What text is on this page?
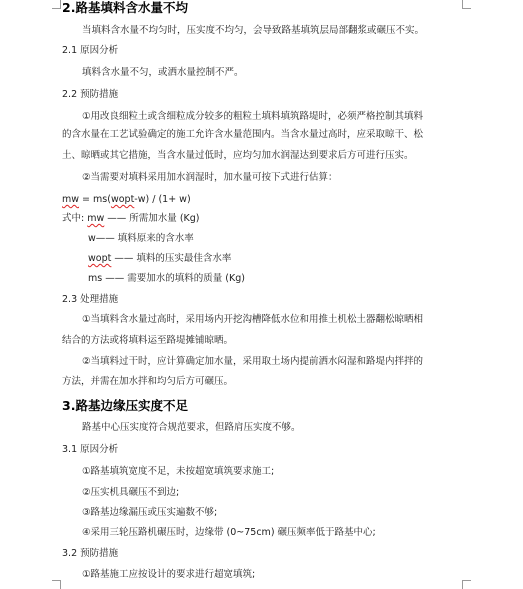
2.路基填料含水量不均
当填料含水量不均匀时，压实度不均匀，会导致路基填筑层局部翻浆或碾压不实。
2.1 原因分析
填料含水量不匀，或洒水量控制不严。
2.2 预防措施
①用改良细粒土或含细粒成分较多的粗粒土填料填筑路堤时，必须严格控制其填料
的含水量在工艺试验确定的施工允许含水量范围内。当含水量过高时，应采取晾干、松
土、晾晒或其它措施，当含水量过低时，应均匀加水润湿达到要求后方可进行压实。
②当需要对填料采用加水润湿时，加水量可按下式进行估算：
mw = ms(wopt-w) / (1+ w)
式中: mw —— 所需加水量 (Kg)
w—— 填料原来的含水率
wopt —— 填料的压实最佳含水率
ms —— 需要加水的填料的质量 (Kg)
2.3 处理措施
①当填料含水量过高时，采用场内开挖沟槽降低水位和用推土机松土器翻松晾晒相
结合的方法或将填料运至路堤摊铺晾晒。
②当填料过干时，应计算确定加水量，采用取土场内提前洒水闷湿和路堤内拌拌的
方法，并需在加水拌和均匀后方可碾压。
3.路基边缘压实度不足
路基中心压实度符合规范要求，但路肩压实度不够。
3.1 原因分析
①路基填筑宽度不足，未按超宽填筑要求施工;
②压实机具碾压不到边;
③路基边缘漏压或压实遍数不够;
④采用三轮压路机碾压时，边缘带 (0~75cm) 碾压频率低于路基中心;
3.2 预防措施
①路基施工应按设计的要求进行超宽填筑;
